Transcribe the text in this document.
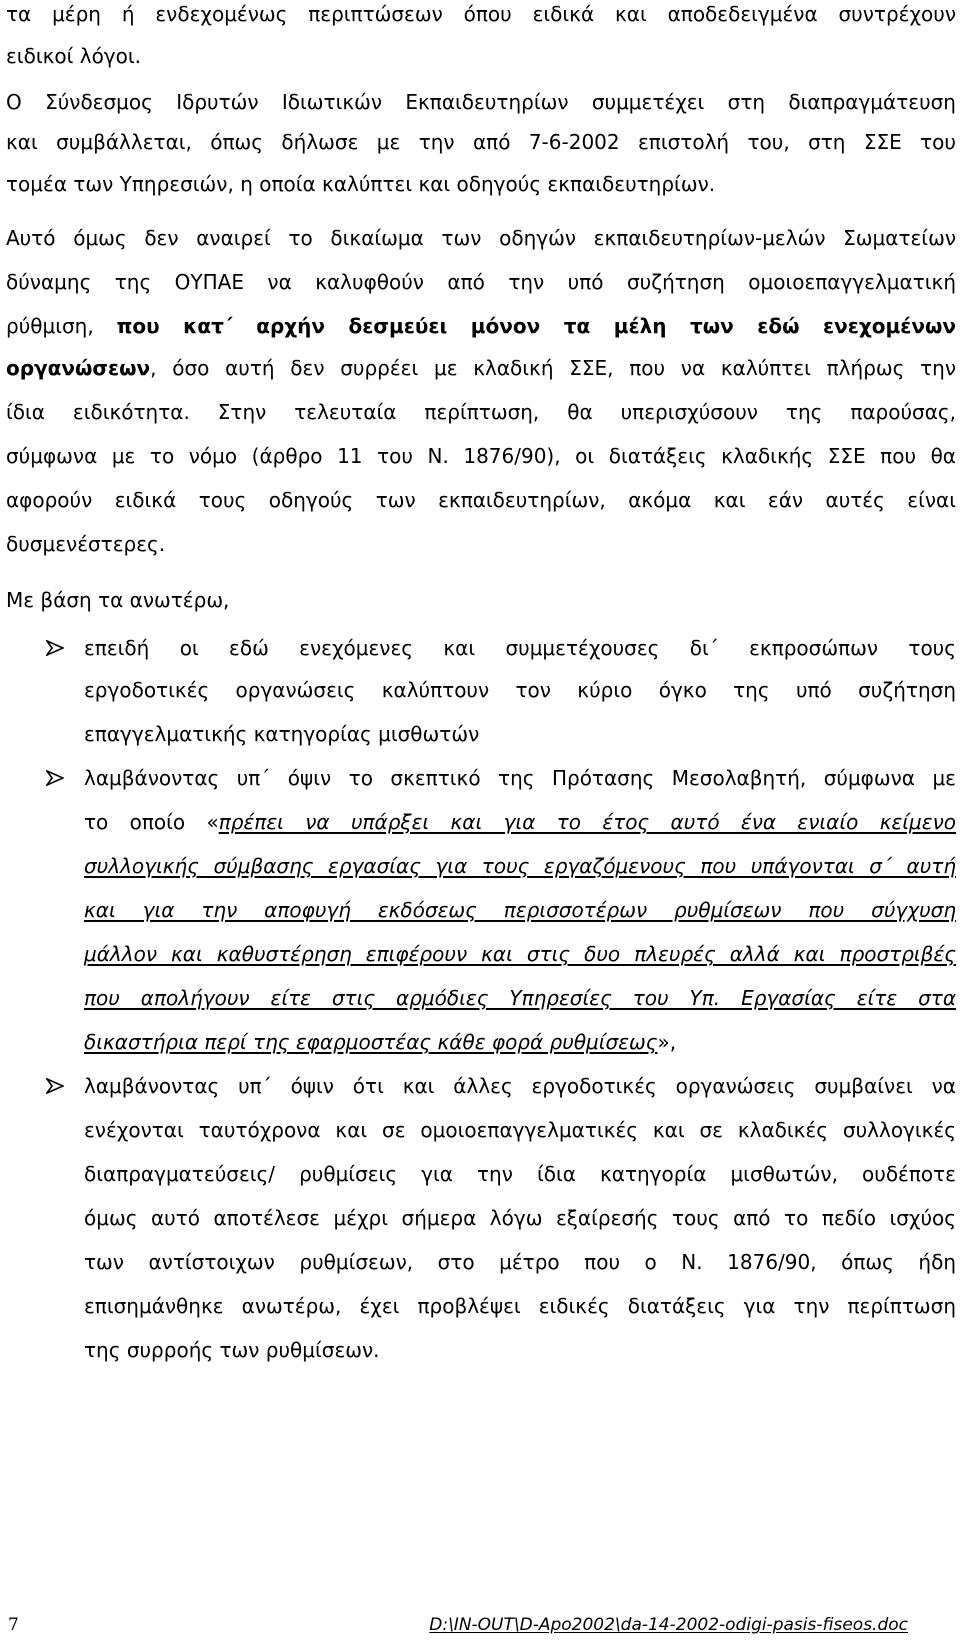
τα μέρη ή ενδεχομένως περιπτώσεων όπου ειδικά και αποδεδειγμένα συντρέχουν
ειδικοί λόγοι.
Ο Σύνδεσμος Ιδρυτών Ιδιωτικών Εκπαιδευτηρίων συμμετέχει στη διαπραγμάτευση
και συμβάλλεται, όπως δήλωσε με την από 7-6-2002 επιστολή του, στη ΣΣΕ του
τομέα των Υπηρεσιών, η οποία καλύπτει και οδηγούς εκπαιδευτηρίων.
Αυτό όμως δεν αναιρεί το δικαίωμα των οδηγών εκπαιδευτηρίων-μελών Σωματείων
δύναμης της ΟΥΠΑΕ να καλυφθούν από την υπό συζήτηση ομοιοεπαγγελματική
ρύθμιση, που κατ΄ αρχήν δεσμεύει μόνον τα μέλη των εδώ ενεχομένων
οργανώσεων, όσο αυτή δεν συρρέει με κλαδική ΣΣΕ, που να καλύπτει πλήρως την
ίδια ειδικότητα. Στην τελευταία περίπτωση, θα υπερισχύσουν της παρούσας,
σύμφωνα με το νόμο (άρθρο 11 του Ν. 1876/90), οι διατάξεις κλαδικής ΣΣΕ που θα
αφορούν ειδικά τους οδηγούς των εκπαιδευτηρίων, ακόμα και εάν αυτές είναι
δυσμενέστερες.
Με βάση τα ανωτέρω,
επειδή οι εδώ ενεχόμενες και συμμετέχουσες δι΄ εκπροσώπων τους
εργοδοτικές οργανώσεις καλύπτουν τον κύριο όγκο της υπό συζήτηση
επαγγελματικής κατηγορίας μισθωτών
λαμβάνοντας υπ΄ όψιν το σκεπτικό της Πρότασης Μεσολαβητή, σύμφωνα με
το οποίο «πρέπει να υπάρξει και για το έτος αυτό ένα ενιαίο κείμενο
συλλογικής σύμβασης εργασίας για τους εργαζόμενους που υπάγονται σ΄ αυτή
και για την αποφυγή εκδόσεως περισσοτέρων ρυθμίσεων που σύγχυση
μάλλον και καθυστέρηση επιφέρουν και στις δυο πλευρές αλλά και προστριβές
που απολήγουν είτε στις αρμόδιες Υπηρεσίες του Υπ. Εργασίας είτε στα
δικαστήρια περί της εφαρμοστέας κάθε φορά ρυθμίσεως»,
λαμβάνοντας υπ΄ όψιν ότι και άλλες εργοδοτικές οργανώσεις συμβαίνει να
ενέχονται ταυτόχρονα και σε ομοιοεπαγγελματικές και σε κλαδικές συλλογικές
διαπραγματεύσεις/ ρυθμίσεις για την ίδια κατηγορία μισθωτών, ουδέποτε
όμως αυτό αποτέλεσε μέχρι σήμερα λόγω εξαίρεσής τους από το πεδίο ισχύος
των αντίστοιχων ρυθμίσεων, στο μέτρο που ο Ν. 1876/90, όπως ήδη
επισημάνθηκε ανωτέρω, έχει προβλέψει ειδικές διατάξεις για την περίπτωση
της συρροής των ρυθμίσεων.
7	D:\IN-OUT\D-Apo2002\da-14-2002-odigi-pasis-fiseos.doc
